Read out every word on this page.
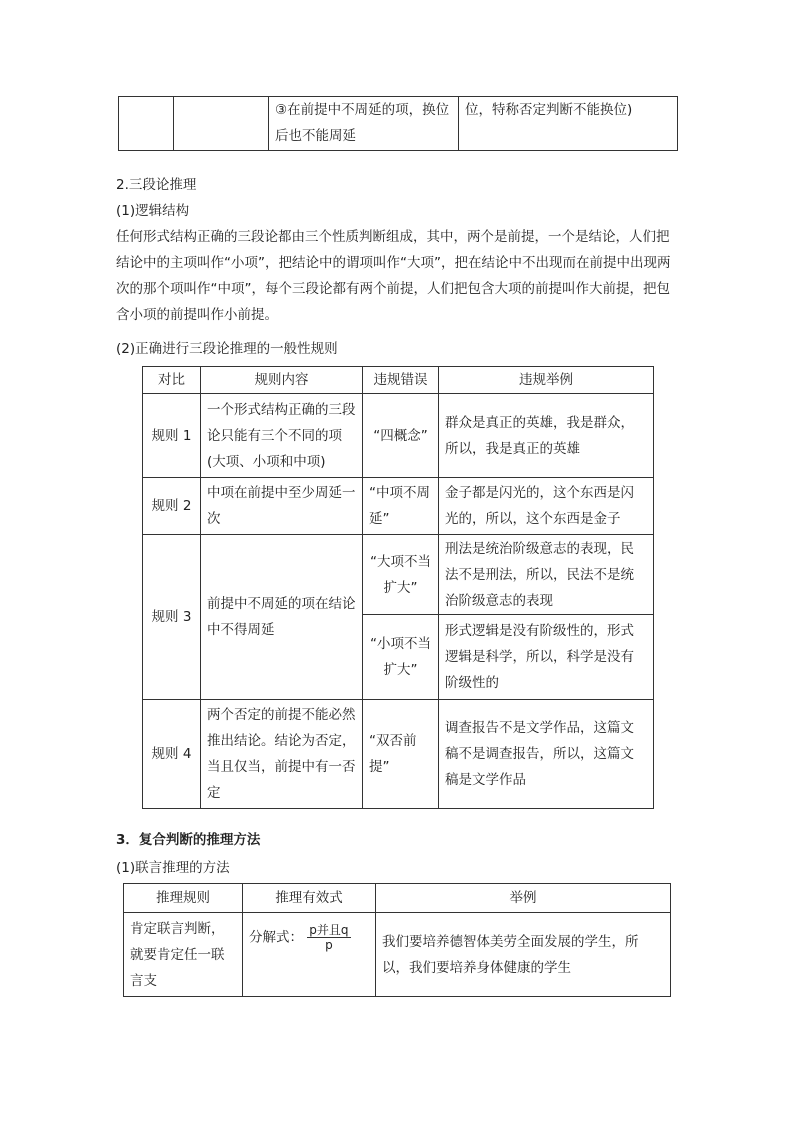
		③在前提中不周延的项，换位后也不能周延	位，特称否定判断不能换位)

2.三段论推理

(1)逻辑结构

任何形式结构正确的三段论都由三个性质判断组成，其中，两个是前提，一个是结论，人们把结论中的主项叫作“小项”，把结论中的谓项叫作“大项”，把在结论中不出现而在前提中出现两次的那个项叫作“中项”，每个三段论都有两个前提，人们把包含大项的前提叫作大前提，把包含小项的前提叫作小前提。

(2)正确进行三段论推理的一般性规则

对比	规则内容	违规错误	违规举例
规则 1	一个形式结构正确的三段论只能有三个不同的项(大项、小项和中项)	“四概念”	群众是真正的英雄，我是群众，所以，我是真正的英雄
规则 2	中项在前提中至少周延一次	“中项不周延”	金子都是闪光的，这个东西是闪光的，所以，这个东西是金子
规则 3	前提中不周延的项在结论中不得周延	“大项不当扩大”	刑法是统治阶级意志的表现，民法不是刑法，所以，民法不是统治阶级意志的表现
		“小项不当扩大”	形式逻辑是没有阶级性的，形式逻辑是科学，所以，科学是没有阶级性的
规则 4	两个否定的前提不能必然推出结论。结论为否定，当且仅当，前提中有一否定	“双否前提”	调查报告不是文学作品，这篇文稿不是调查报告，所以，这篇文稿是文学作品

3．复合判断的推理方法

(1)联言推理的方法

推理规则	推理有效式	举例
肯定联言判断，就要肯定任一联言支	分解式： $\frac{\text{p并且q}}{p}$	我们要培养德智体美劳全面发展的学生，所以，我们要培养身体健康的学生
